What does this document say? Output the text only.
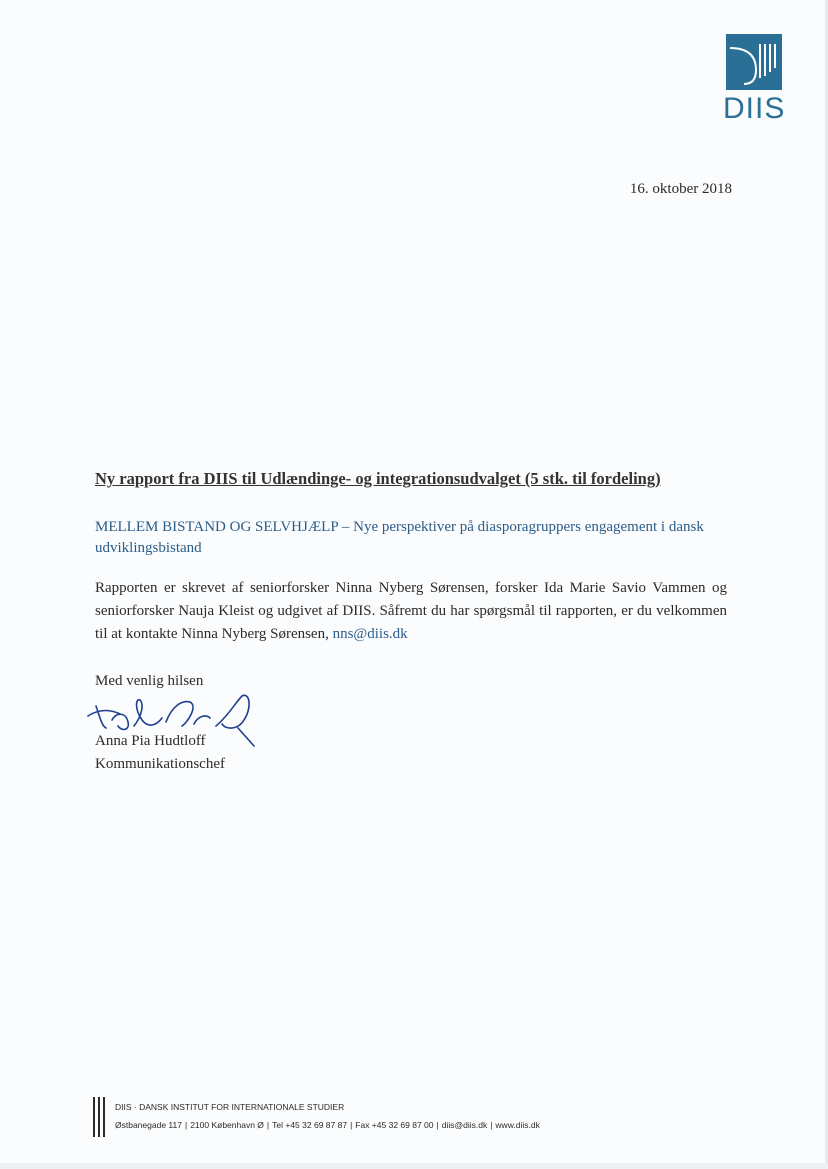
DIIS
16. oktober 2018
Ny rapport fra DIIS til Udlændinge- og integrationsudvalget (5 stk. til fordeling)
MELLEM BISTAND OG SELVHJÆLP – Nye perspektiver på diasporagruppers engagement i dansk udviklingsbistand
Rapporten er skrevet af seniorforsker Ninna Nyberg Sørensen, forsker Ida Marie Savio Vammen og seniorforsker Nauja Kleist og udgivet af DIIS. Såfremt du har spørgsmål til rapporten, er du velkommen til at kontakte Ninna Nyberg Sørensen, nns@diis.dk
Med venlig hilsen
Anna Pia Hudtloff
Kommunikationschef
DIIS · DANSK INSTITUT FOR INTERNATIONALE STUDIER
Østbanegade 117 | 2100 København Ø | Tel +45 32 69 87 87 | Fax +45 32 69 87 00 | diis@diis.dk | www.diis.dk
